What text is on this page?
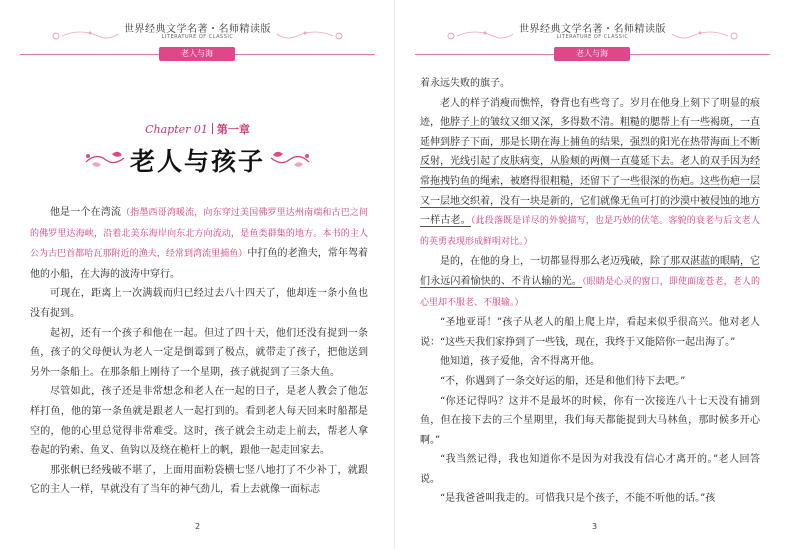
世界经典文学名著・名师精读版
LITERATURE OF CLASSIC
老人与海
Chapter 01 第一章
老人与孩子

他是一个在湾流（指墨西哥湾暖流，向东穿过美国佛罗里达州南端和古巴之间的佛罗里达海峡，沿着北美东海岸向东北方向流动，是鱼类群集的地方。本书的主人公为古巴首都哈瓦那附近的渔夫，经常到湾流里捕鱼）中打鱼的老渔夫，常年驾着他的小船，在大海的波涛中穿行。

可现在，距离上一次满载而归已经过去八十四天了，他却连一条小鱼也没有捉到。

起初，还有一个孩子和他在一起。但过了四十天，他们还没有捉到一条鱼，孩子的父母便认为老人一定是倒霉到了极点，就带走了孩子，把他送到另外一条船上。在那条船上刚待了一个星期，孩子就捉到了三条大鱼。

尽管如此，孩子还是非常想念和老人在一起的日子，是老人教会了他怎样打鱼，他的第一条鱼就是跟老人一起打到的。看到老人每天回来时船都是空的，他的心里总觉得非常难受。这时，孩子就会主动走上前去，帮老人拿卷起的钓索、鱼叉、鱼钩以及绕在桅杆上的帆，跟他一起走回家去。

那张帆已经残破不堪了，上面用面粉袋横七竖八地打了不少补丁，就跟它的主人一样，早就没有了当年的神气劲儿，看上去就像一面标志

2
世界经典文学名著・名师精读版
LITERATURE OF CLASSIC
老人与海

着永远失败的旗子。

老人的样子消瘦而憔悴，脊背也有些弯了。岁月在他身上刻下了明显的痕迹，他脖子上的皱纹又细又深，多得数不清。粗糙的腮帮上有一些褐斑，一直延伸到脖子下面，那是长期在海上捕鱼的结果，强烈的阳光在热带海面上不断反射，光线引起了皮肤病变，从脸颊的两侧一直蔓延下去。老人的双手因为经常拖拽钓鱼的绳索，被磨得很粗糙，还留下了一些很深的伤疤。这些伤疤一层又一层地交织着，没有一块是新的，它们就像无鱼可打的沙漠中被侵蚀的地方一样古老。（此段落既是详尽的外貌描写，也是巧妙的伏笔。客貌的衰老与后文老人的英勇表现形成鲜明对比。）

是的，在他的身上，一切都显得那么老迈残破，除了那双湛蓝的眼睛，它们永远闪着愉快的、不肯认输的光。（眼睛是心灵的窗口，即使面庞苍老，老人的心里却不服老、不服输。）

“圣地亚哥！”孩子从老人的船上爬上岸，看起来似乎很高兴。他对老人说：“这些天我们家挣到了一些钱，现在，我终于又能陪你一起出海了。”

他知道，孩子爱他，舍不得离开他。

“不，你遇到了一条交好运的船，还是和他们待下去吧。”

“你还记得吗？这并不是最坏的时候，你有一次接连八十七天没有捕到鱼，但在接下去的三个星期里，我们每天都能捉到大马林鱼，那时候多开心啊。”

“我当然记得，我也知道你不是因为对我没有信心才离开的。”老人回答说。

“是我爸爸叫我走的。可惜我只是个孩子，不能不听他的话。”孩

3
